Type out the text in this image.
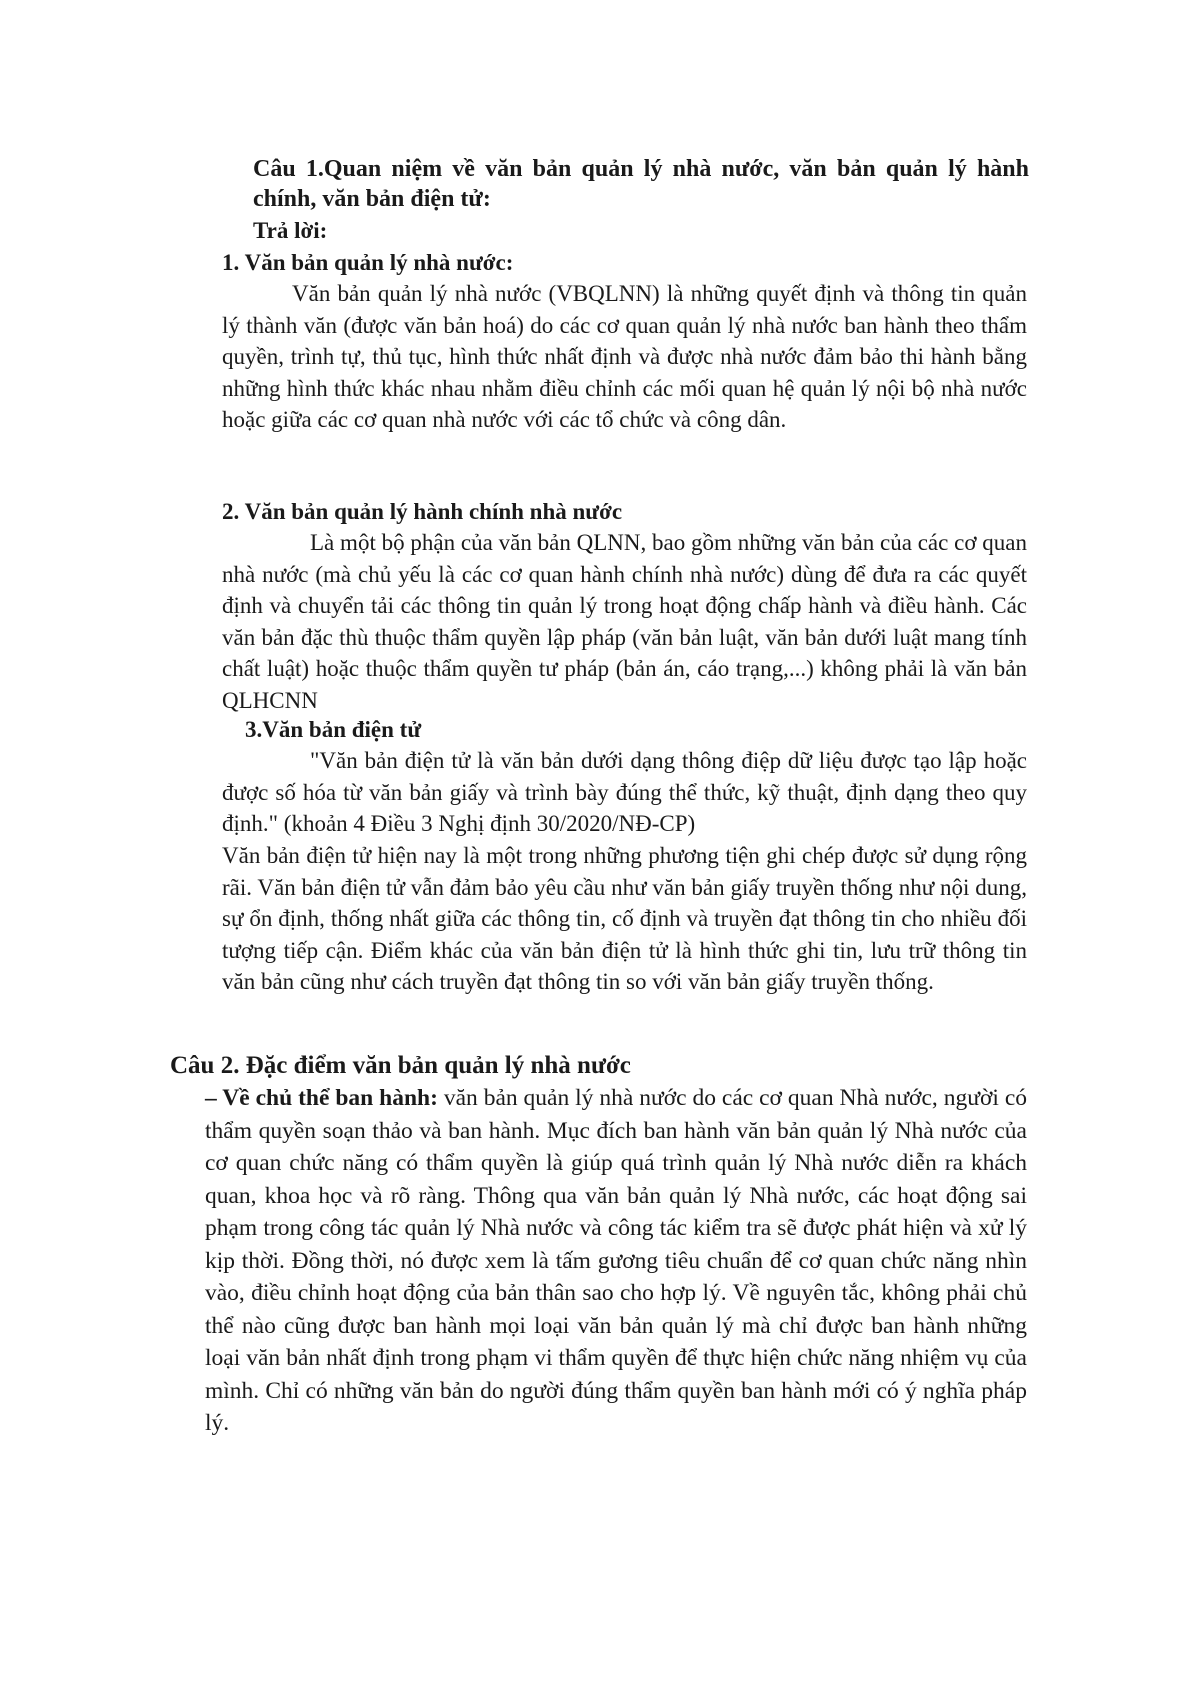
Câu 1.Quan niệm về văn bản quản lý nhà nước, văn bản quản lý hành chính, văn bản điện tử:

Trả lời:

1. Văn bản quản lý nhà nước:

Văn bản quản lý nhà nước (VBQLNN) là những quyết định và thông tin quản lý thành văn (được văn bản hoá) do các cơ quan quản lý nhà nước ban hành theo thẩm quyền, trình tự, thủ tục, hình thức nhất định và được nhà nước đảm bảo thi hành bằng những hình thức khác nhau nhằm điều chỉnh các mối quan hệ quản lý nội bộ nhà nước hoặc giữa các cơ quan nhà nước với các tổ chức và công dân.

2. Văn bản quản lý hành chính nhà nước

Là một bộ phận của văn bản QLNN, bao gồm những văn bản của các cơ quan nhà nước (mà chủ yếu là các cơ quan hành chính nhà nước) dùng để đưa ra các quyết định và chuyển tải các thông tin quản lý trong hoạt động chấp hành và điều hành. Các văn bản đặc thù thuộc thẩm quyền lập pháp (văn bản luật, văn bản dưới luật mang tính chất luật) hoặc thuộc thẩm quyền tư pháp (bản án, cáo trạng,...) không phải là văn bản QLHCNN

3.Văn bản điện tử

"Văn bản điện tử là văn bản dưới dạng thông điệp dữ liệu được tạo lập hoặc được số hóa từ văn bản giấy và trình bày đúng thể thức, kỹ thuật, định dạng theo quy định." (khoản 4 Điều 3 Nghị định 30/2020/NĐ-CP)

Văn bản điện tử hiện nay là một trong những phương tiện ghi chép được sử dụng rộng rãi. Văn bản điện tử vẫn đảm bảo yêu cầu như văn bản giấy truyền thống như nội dung, sự ổn định, thống nhất giữa các thông tin, cố định và truyền đạt thông tin cho nhiều đối tượng tiếp cận. Điểm khác của văn bản điện tử là hình thức ghi tin, lưu trữ thông tin văn bản cũng như cách truyền đạt thông tin so với văn bản giấy truyền thống.

Câu 2. Đặc điểm văn bản quản lý nhà nước

– Về chủ thể ban hành: văn bản quản lý nhà nước do các cơ quan Nhà nước, người có thẩm quyền soạn thảo và ban hành. Mục đích ban hành văn bản quản lý Nhà nước của cơ quan chức năng có thẩm quyền là giúp quá trình quản lý Nhà nước diễn ra khách quan, khoa học và rõ ràng. Thông qua văn bản quản lý Nhà nước, các hoạt động sai phạm trong công tác quản lý Nhà nước và công tác kiểm tra sẽ được phát hiện và xử lý kịp thời. Đồng thời, nó được xem là tấm gương tiêu chuẩn để cơ quan chức năng nhìn vào, điều chỉnh hoạt động của bản thân sao cho hợp lý. Về nguyên tắc, không phải chủ thể nào cũng được ban hành mọi loại văn bản quản lý mà chỉ được ban hành những loại văn bản nhất định trong phạm vi thẩm quyền để thực hiện chức năng nhiệm vụ của mình. Chỉ có những văn bản do người đúng thẩm quyền ban hành mới có ý nghĩa pháp lý.
